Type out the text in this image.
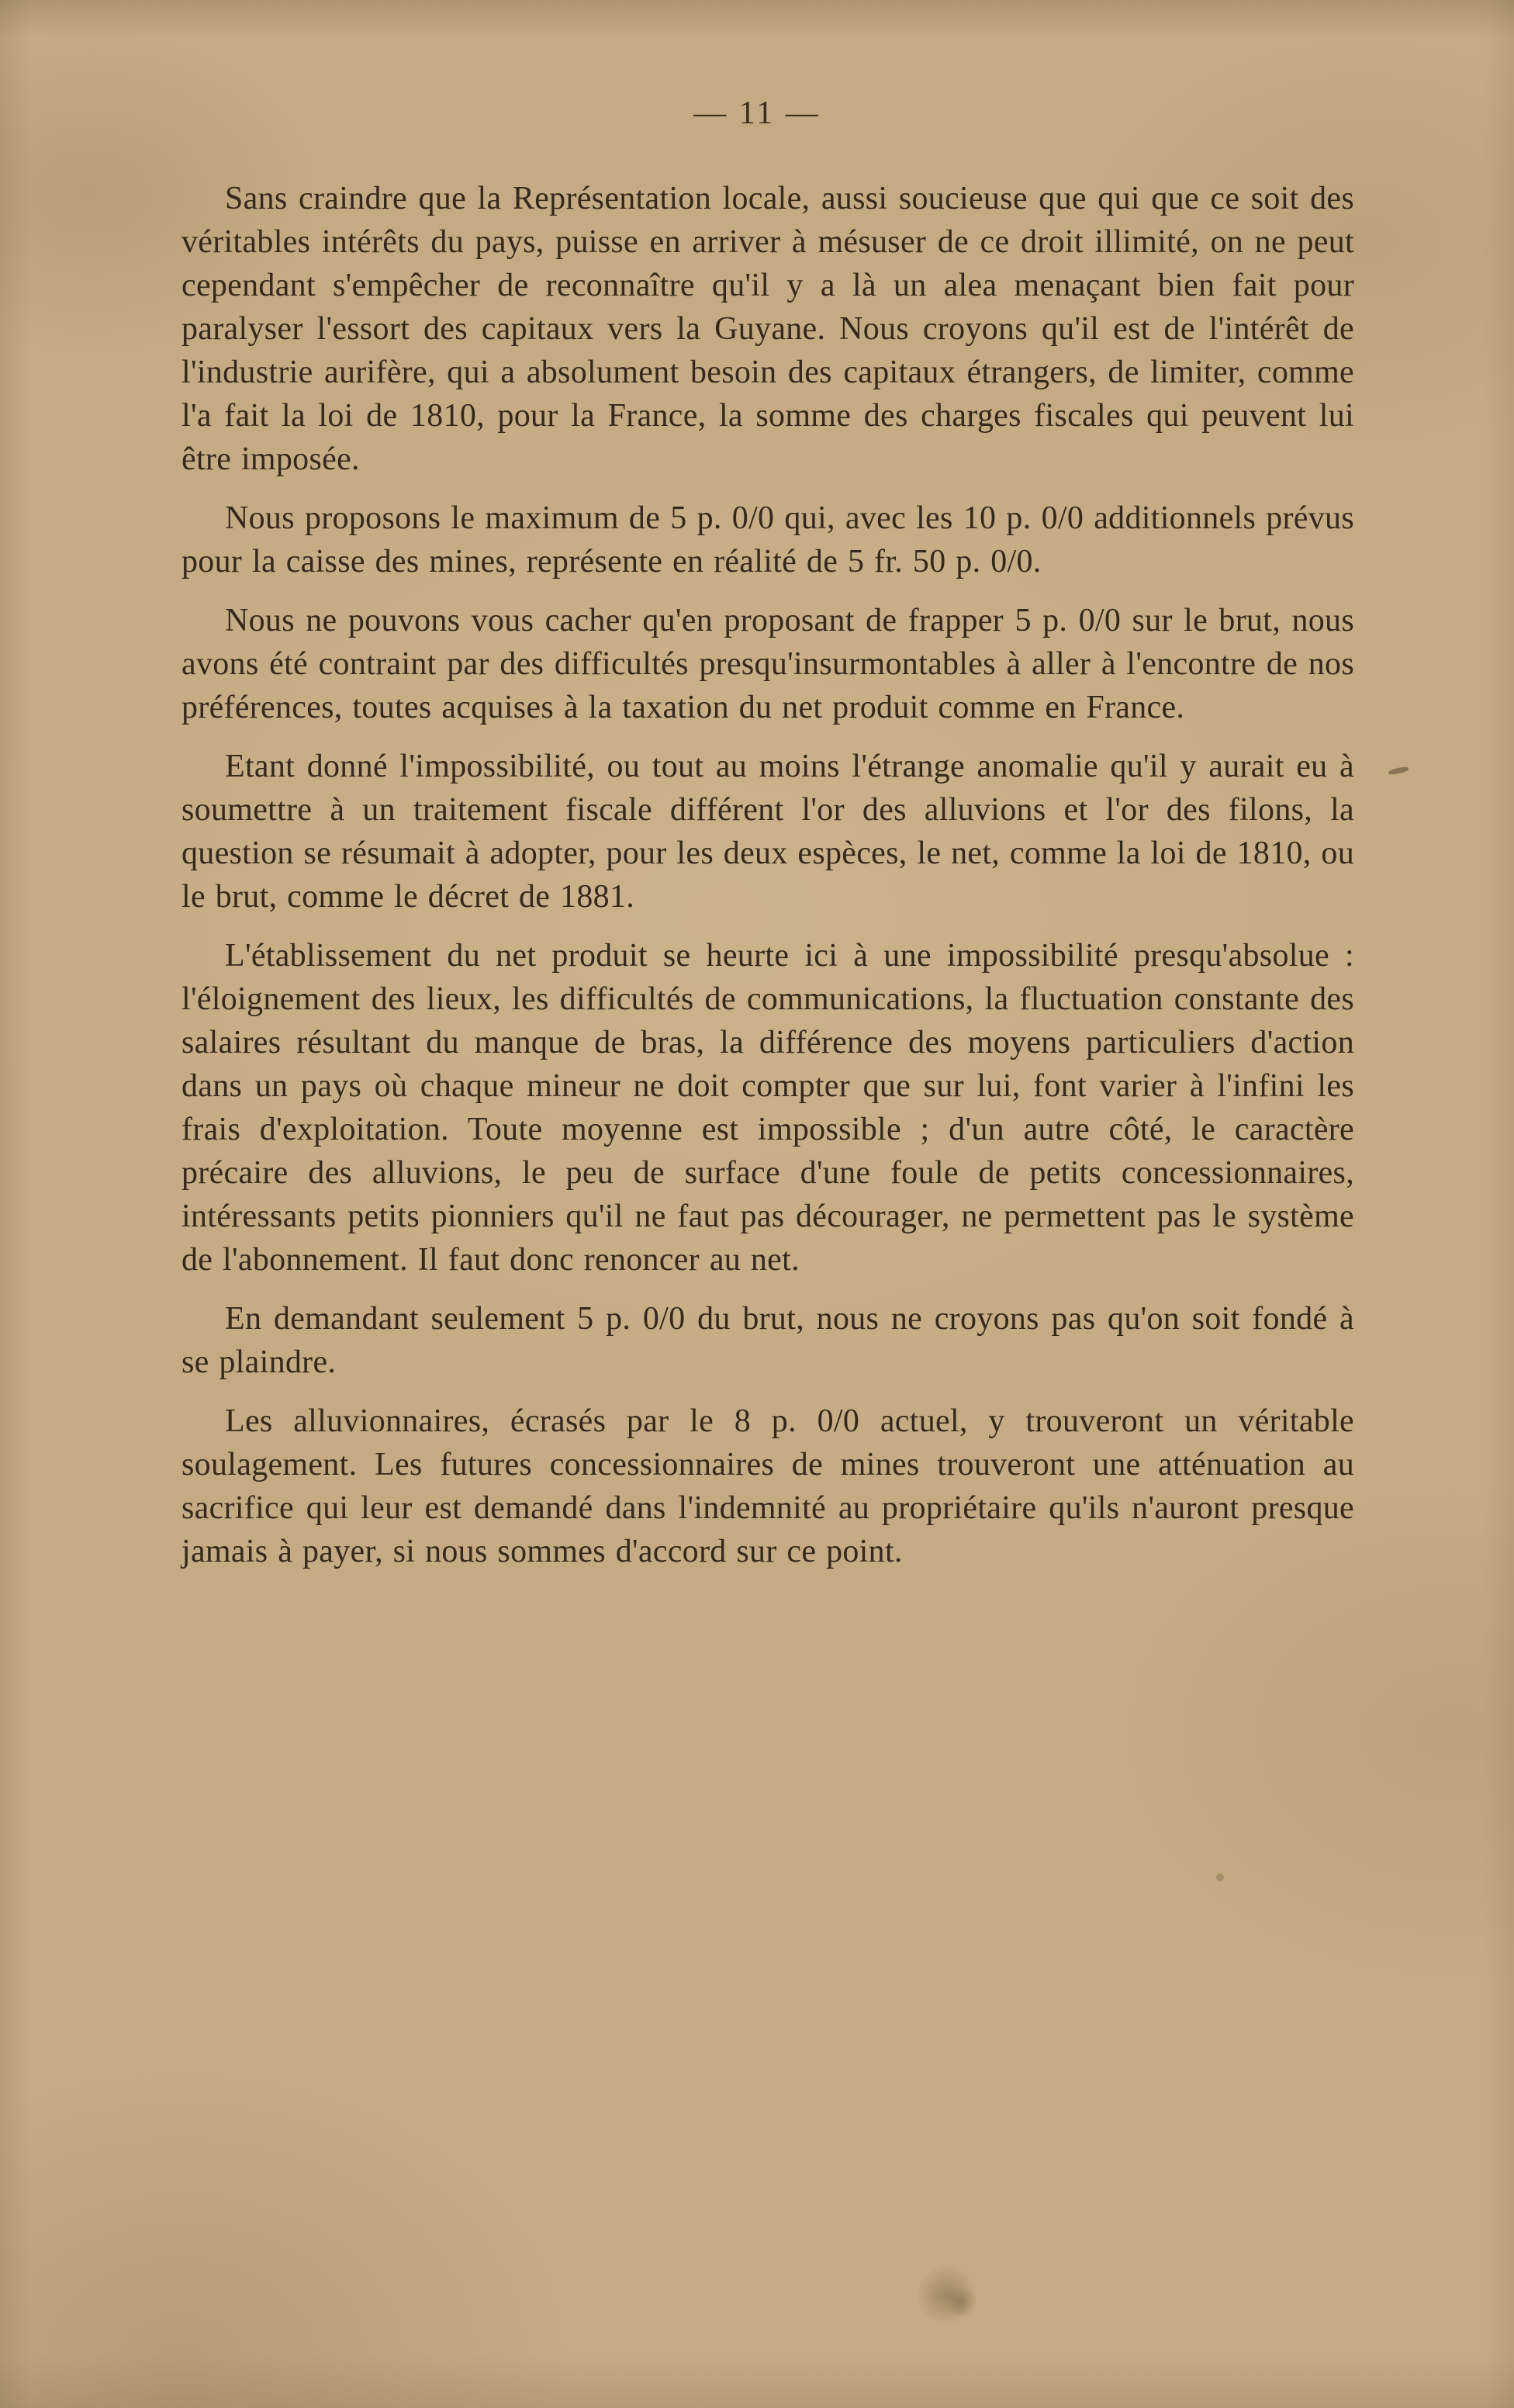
— 11 —

Sans craindre que la Représentation locale, aussi soucieuse que qui que ce soit des véritables intérêts du pays, puisse en arriver à mésuser de ce droit illimité, on ne peut cependant s'empêcher de reconnaître qu'il y a là un alea menaçant bien fait pour paralyser l'essort des capitaux vers la Guyane. Nous croyons qu'il est de l'intérêt de l'industrie aurifère, qui a absolument besoin des capitaux étrangers, de limiter, comme l'a fait la loi de 1810, pour la France, la somme des charges fiscales qui peuvent lui être imposée.

Nous proposons le maximum de 5 p. 0/0 qui, avec les 10 p. 0/0 additionnels prévus pour la caisse des mines, représente en réalité de 5 fr. 50 p. 0/0.

Nous ne pouvons vous cacher qu'en proposant de frapper 5 p. 0/0 sur le brut, nous avons été contraint par des difficultés presqu'insurmontables à aller à l'encontre de nos préférences, toutes acquises à la taxation du net produit comme en France.

Etant donné l'impossibilité, ou tout au moins l'étrange anomalie qu'il y aurait eu à soumettre à un traitement fiscale différent l'or des alluvions et l'or des filons, la question se résumait à adopter, pour les deux espèces, le net, comme la loi de 1810, ou le brut, comme le décret de 1881.

L'établissement du net produit se heurte ici à une impossibilité presqu'absolue : l'éloignement des lieux, les difficultés de communications, la fluctuation constante des salaires résultant du manque de bras, la différence des moyens particuliers d'action dans un pays où chaque mineur ne doit compter que sur lui, font varier à l'infini les frais d'exploitation. Toute moyenne est impossible ; d'un autre côté, le caractère précaire des alluvions, le peu de surface d'une foule de petits concessionnaires, intéressants petits pionniers qu'il ne faut pas décourager, ne permettent pas le système de l'abonnement. Il faut donc renoncer au net.

En demandant seulement 5 p. 0/0 du brut, nous ne croyons pas qu'on soit fondé à se plaindre.

Les alluvionnaires, écrasés par le 8 p. 0/0 actuel, y trouveront un véritable soulagement. Les futures concessionnaires de mines trouveront une atténuation au sacrifice qui leur est demandé dans l'indemnité au propriétaire qu'ils n'auront presque jamais à payer, si nous sommes d'accord sur ce point.
